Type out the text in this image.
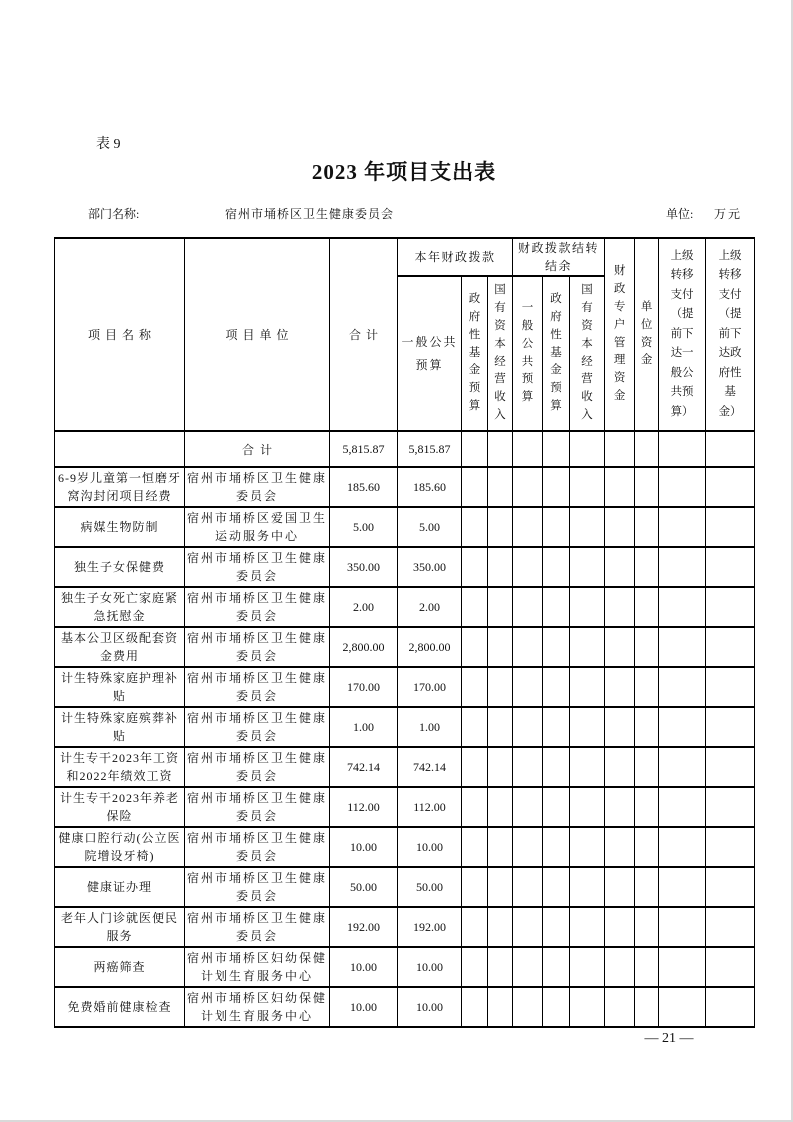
表 9
2023 年项目支出表
部门名称:	宿州市埇桥区卫生健康委员会	单位: 万元
项目名称	项目单位	合计	本年财政拨款			财政拨款结转结余			财政专户管理资金	单位资金	上级转移支付（提前下达一般公共预算）	上级转移支付（提前下达政府性基金）
			一般公共预算	政府性基金预算	国有资本经营收入	一般公共预算	政府性基金预算	国有资本经营收入				
	合计	5,815.87	5,815.87									
6-9岁儿童第一恒磨牙窝沟封闭项目经费	宿州市埇桥区卫生健康委员会	185.60	185.60									
病媒生物防制	宿州市埇桥区爱国卫生运动服务中心	5.00	5.00									
独生子女保健费	宿州市埇桥区卫生健康委员会	350.00	350.00									
独生子女死亡家庭紧急抚慰金	宿州市埇桥区卫生健康委员会	2.00	2.00									
基本公卫区级配套资金费用	宿州市埇桥区卫生健康委员会	2,800.00	2,800.00									
计生特殊家庭护理补贴	宿州市埇桥区卫生健康委员会	170.00	170.00									
计生特殊家庭殡葬补贴	宿州市埇桥区卫生健康委员会	1.00	1.00									
计生专干2023年工资和2022年绩效工资	宿州市埇桥区卫生健康委员会	742.14	742.14									
计生专干2023年养老保险	宿州市埇桥区卫生健康委员会	112.00	112.00									
健康口腔行动(公立医院增设牙椅)	宿州市埇桥区卫生健康委员会	10.00	10.00									
健康证办理	宿州市埇桥区卫生健康委员会	50.00	50.00									
老年人门诊就医便民服务	宿州市埇桥区卫生健康委员会	192.00	192.00									
两癌筛查	宿州市埇桥区妇幼保健计划生育服务中心	10.00	10.00									
免费婚前健康检查	宿州市埇桥区妇幼保健计划生育服务中心	10.00	10.00									
— 21 —
